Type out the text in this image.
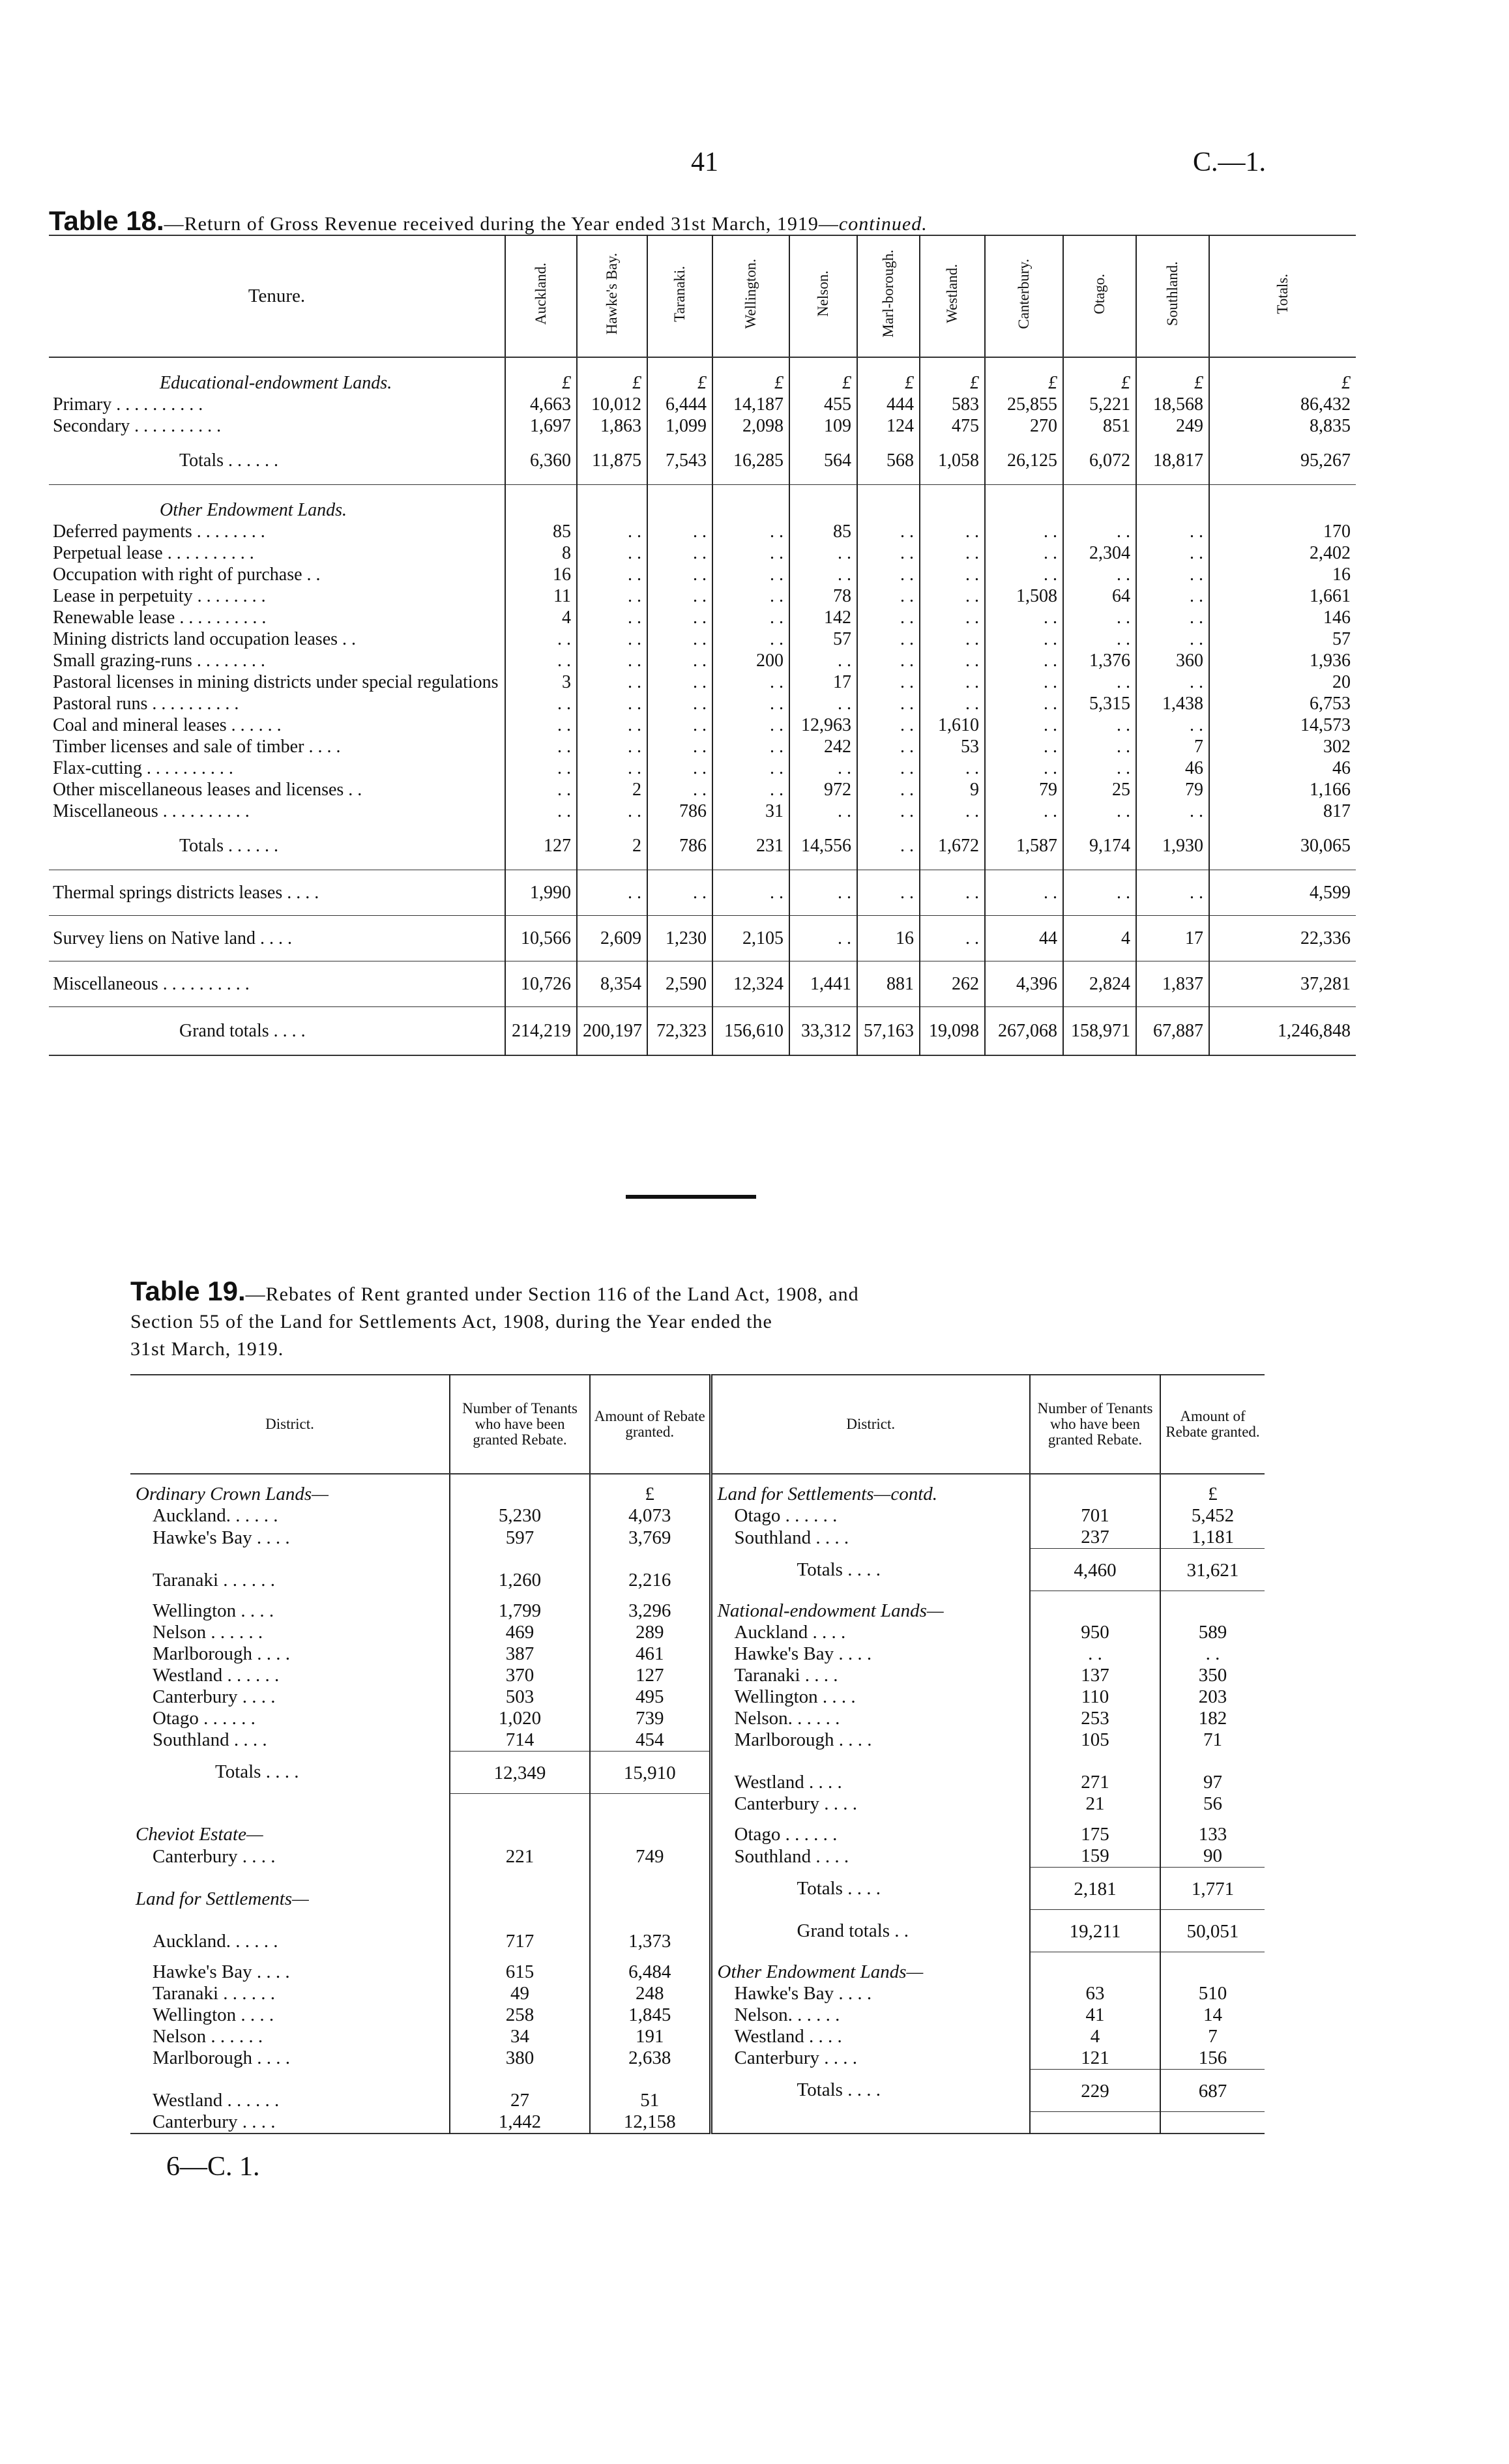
41	C.—1.
Table 18.—Return of Gross Revenue received during the Year ended 31st March, 1919—continued.
Tenure.	Auckland.	Hawke's Bay.	Taranaki.	Wellington.	Nelson.	Marl-borough.	Westland.	Canterbury.	Otago.	Southland.	Totals.
Educational-endowment Lands.	£	£	£	£	£	£	£	£	£	£	£
Primary . . . . . . . . . .	4,663	10,012	6,444	14,187	455	444	583	25,855	5,221	18,568	86,432
Secondary . . . . . . . . . .	1,697	1,863	1,099	2,098	109	124	475	270	851	249	8,835
Totals . . . . . .	6,360	11,875	7,543	16,285	564	568	1,058	26,125	6,072	18,817	95,267
Other Endowment Lands.											
Deferred payments . . . . . . . .	85	. .	. .	. .	85	. .	. .	. .	. .	. .	170
Perpetual lease . . . . . . . . . .	8	. .	. .	. .	. .	. .	. .	. .	2,304	. .	2,402
Occupation with right of purchase . .	16	. .	. .	. .	. .	. .	. .	. .	. .	. .	16
Lease in perpetuity . . . . . . . .	11	. .	. .	. .	78	. .	. .	1,508	64	. .	1,661
Renewable lease . . . . . . . . . .	4	. .	. .	. .	142	. .	. .	. .	. .	. .	146
Mining districts land occupation leases . .	. .	. .	. .	. .	57	. .	. .	. .	. .	. .	57
Small grazing-runs . . . . . . . .	. .	. .	. .	200	. .	. .	. .	. .	1,376	360	1,936
Pastoral licenses in mining districts under special regulations	3	. .	. .	. .	17	. .	. .	. .	. .	. .	20
Pastoral runs . . . . . . . . . .	. .	. .	. .	. .	. .	. .	. .	. .	5,315	1,438	6,753
Coal and mineral leases . . . . . .	. .	. .	. .	. .	12,963	. .	1,610	. .	. .	. .	14,573
Timber licenses and sale of timber . . . .	. .	. .	. .	. .	242	. .	53	. .	. .	7	302
Flax-cutting . . . . . . . . . .	. .	. .	. .	. .	. .	. .	. .	. .	. .	46	46
Other miscellaneous leases and licenses . .	. .	2	. .	. .	972	. .	9	79	25	79	1,166
Miscellaneous . . . . . . . . . .	. .	. .	786	31	. .	. .	. .	. .	. .	. .	817
Totals . . . . . .	127	2	786	231	14,556	. .	1,672	1,587	9,174	1,930	30,065
Thermal springs districts leases . . . .	1,990	. .	. .	. .	. .	. .	. .	. .	. .	. .	4,599
Survey liens on Native land . . . .	10,566	2,609	1,230	2,105	. .	16	. .	44	4	17	22,336
Miscellaneous . . . . . . . . . .	10,726	8,354	2,590	12,324	1,441	881	262	4,396	2,824	1,837	37,281
Grand totals . . . .	214,219	200,197	72,323	156,610	33,312	57,163	19,098	267,068	158,971	67,887	1,246,848
Table 19.—Rebates of Rent granted under Section 116 of the Land Act, 1908, and
Section 55 of the Land for Settlements Act, 1908, during the Year ended the
31st March, 1919.
District.	Number of Tenants who have been granted Rebate.	Amount of Rebate granted.	District.	Number of Tenants who have been granted Rebate.	Amount of Rebate granted.
Ordinary Crown Lands—		£	Land for Settlements—contd.		£
Auckland. . . . . .	5,230	4,073	Otago . . . . . .	701	5,452
Hawke's Bay . . . .	597	3,769	Southland . . . .	237	1,181
Taranaki . . . . . .	1,260	2,216	Totals . . . .	4,460	31,621
Wellington . . . .	1,799	3,296	National-endowment Lands—		
Nelson . . . . . .	469	289	Auckland . . . .	950	589
Marlborough . . . .	387	461	Hawke's Bay . . . .	. .	. .
Westland . . . . . .	370	127	Taranaki . . . .	137	350
Canterbury . . . .	503	495	Wellington . . . .	110	203
Otago . . . . . .	1,020	739	Nelson. . . . . .	253	182
Southland . . . .	714	454	Marlborough . . . .	105	71
Totals . . . .	12,349	15,910	Westland . . . .	271	97
			Canterbury . . . .	21	56
Cheviot Estate—			Otago . . . . . .	175	133
Canterbury . . . .	221	749	Southland . . . .	159	90
Land for Settlements—			Totals . . . .	2,181	1,771
Auckland. . . . . .	717	1,373	Grand totals . .	19,211	50,051
Hawke's Bay . . . .	615	6,484	Other Endowment Lands—		
Taranaki . . . . . .	49	248	Hawke's Bay . . . .	63	510
Wellington . . . .	258	1,845	Nelson. . . . . .	41	14
Nelson . . . . . .	34	191	Westland . . . .	4	7
Marlborough . . . .	380	2,638	Canterbury . . . .	121	156
Westland . . . . . .	27	51	Totals . . . .	229	687
Canterbury . . . .	1,442	12,158			
6—C. 1.
